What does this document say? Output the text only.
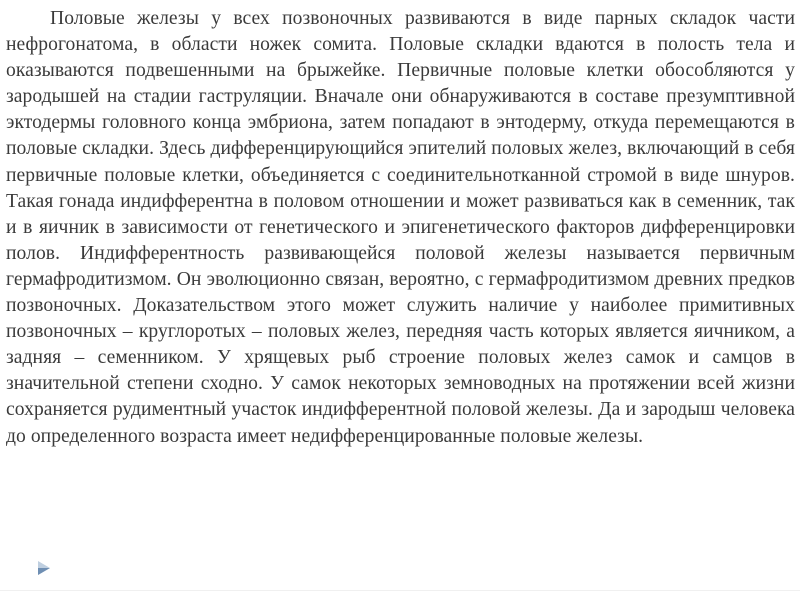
Половые железы у всех позвоночных развиваются в виде парных складок части нефрогонатома, в области ножек сомита. Половые складки вдаются в полость тела и оказываются подвешенными на брыжейке. Первичные половые клетки обособляются у зародышей на стадии гаструляции. Вначале они обнаруживаются в составе презумптивной эктодермы головного конца эмбриона, затем попадают в энтодерму, откуда перемещаются в половые складки. Здесь дифференцирующийся эпителий половых желез, включающий в себя первичные половые клетки, объединяется с соединительнотканной стромой в виде шнуров. Такая гонада индифферентна в половом отношении и может развиваться как в семенник, так и в яичник в зависимости от генетического и эпигенетического факторов дифференцировки полов. Индифферентность развивающейся половой железы называется первичным гермафродитизмом. Он эволюционно связан, вероятно, с гермафродитизмом древних предков позвоночных. Доказательством этого может служить наличие у наиболее примитивных позвоночных – круглоротых – половых желез, передняя часть которых является яичником, а задняя – семенником. У хрящевых рыб строение половых желез самок и самцов в значительной степени сходно. У самок некоторых земноводных на протяжении всей жизни сохраняется рудиментный участок индифферентной половой железы. Да и зародыш человека до определенного возраста имеет недифференцированные половые железы.
